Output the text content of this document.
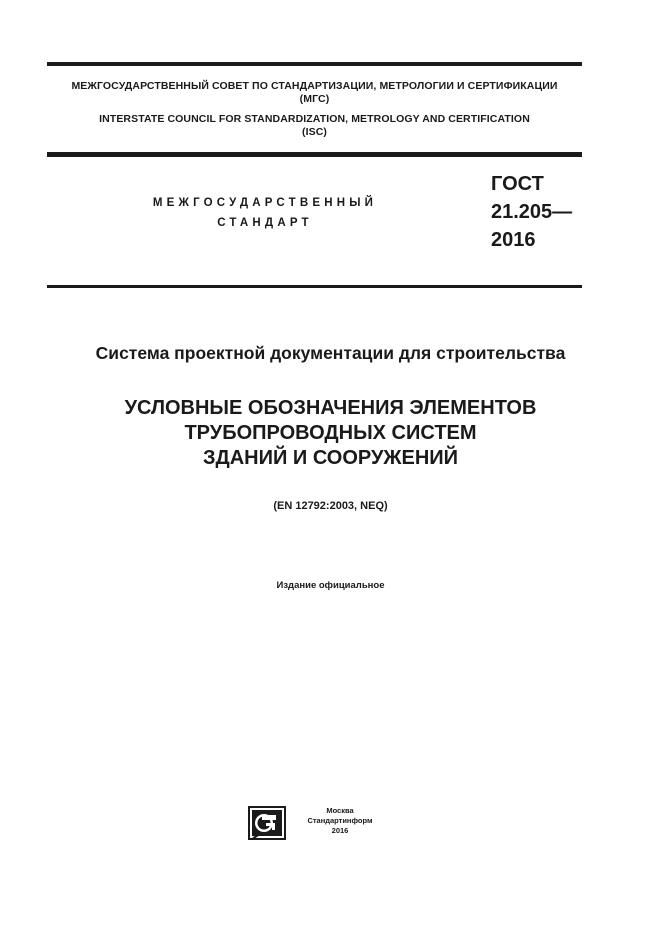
МЕЖГОСУДАРСТВЕННЫЙ СОВЕТ ПО СТАНДАРТИЗАЦИИ, МЕТРОЛОГИИ И СЕРТИФИКАЦИИ
(МГС)
INTERSTATE COUNCIL FOR STANDARDIZATION, METROLOGY AND CERTIFICATION
(ISC)
МЕЖГОСУДАРСТВЕННЫЙ
СТАНДАРТ
ГОСТ
21.205—
2016
Система проектной документации для строительства
УСЛОВНЫЕ ОБОЗНАЧЕНИЯ ЭЛЕМЕНТОВ
ТРУБОПРОВОДНЫХ СИСТЕМ
ЗДАНИЙ И СООРУЖЕНИЙ
(EN 12792:2003, NEQ)
Издание официальное
Москва
Стандартинформ
2016
